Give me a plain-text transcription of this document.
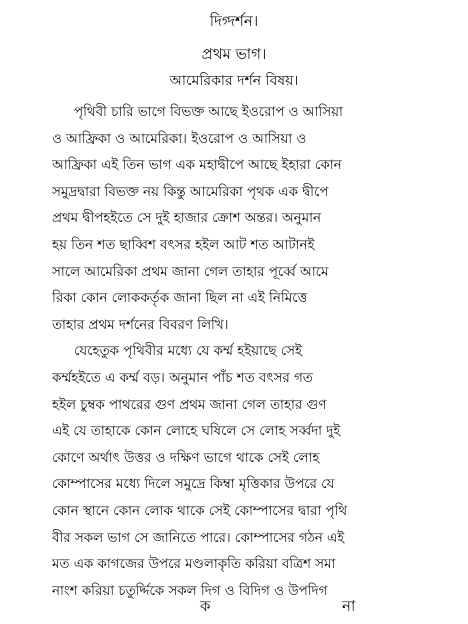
দিগ্দর্শন।
প্রথম ভাগ।
আমেরিকার দর্শন বিষয়।
পৃথিবী চারি ভাগে বিভক্ত আছে ইওরোপ ও আসিয়া
ও আফ্রিকা ও আমেরিকা। ইওরোপ ও আসিয়া ও
আফ্রিকা এই তিন ভাগ এক মহাদ্বীপে আছে ইহারা কোন
সমুদ্রদ্বারা বিভক্ত নয় কিন্তু আমেরিকা পৃথক এক দ্বীপে
প্রথম দ্বীপহইতে সে দুই হাজার ক্রোশ অন্তর। অনুমান
হয় তিন শত ছাব্বিশ বৎসর হইল আট শত আটানই
সালে আমেরিকা প্রথম জানা গেল তাহার পূর্ব্বে আমে
রিকা কোন লোককর্তৃক জানা ছিল না এই নিমিত্তে
তাহার প্রথম দর্শনের বিবরণ লিখি।
যেহেতুক পৃথিবীর মধ্যে যে কর্ম্ম হইয়াছে সেই
কর্ম্মহইতে এ কর্ম্ম বড়। অনুমান পাঁচ শত বৎসর গত
হইল চুম্বক পাথরের গুণ প্রথম জানা গেল তাহার গুণ
এই যে তাহাকে কোন লোহে ঘষিলে সে লোহ সর্ব্বদা দুই
কোণে অর্থাৎ উত্তর ও দক্ষিণ ভাগে থাকে সেই লোহ
কোম্পাসের মধ্যে দিলে সমুদ্রে কিম্বা মৃত্তিকার উপরে যে
কোন স্থানে কোন লোক থাকে সেই কোম্পাসের দ্বারা পৃথি
বীর সকল ভাগ সে জানিতে পারে। কোম্পাসের গঠন এই
মত এক কাগজের উপরে মণ্ডলাকৃতি করিয়া বত্রিশ সমা
নাংশ করিয়া চতুর্দ্দিকে সকল দিগ ও বিদিগ ও উপদিগ
ক	না
